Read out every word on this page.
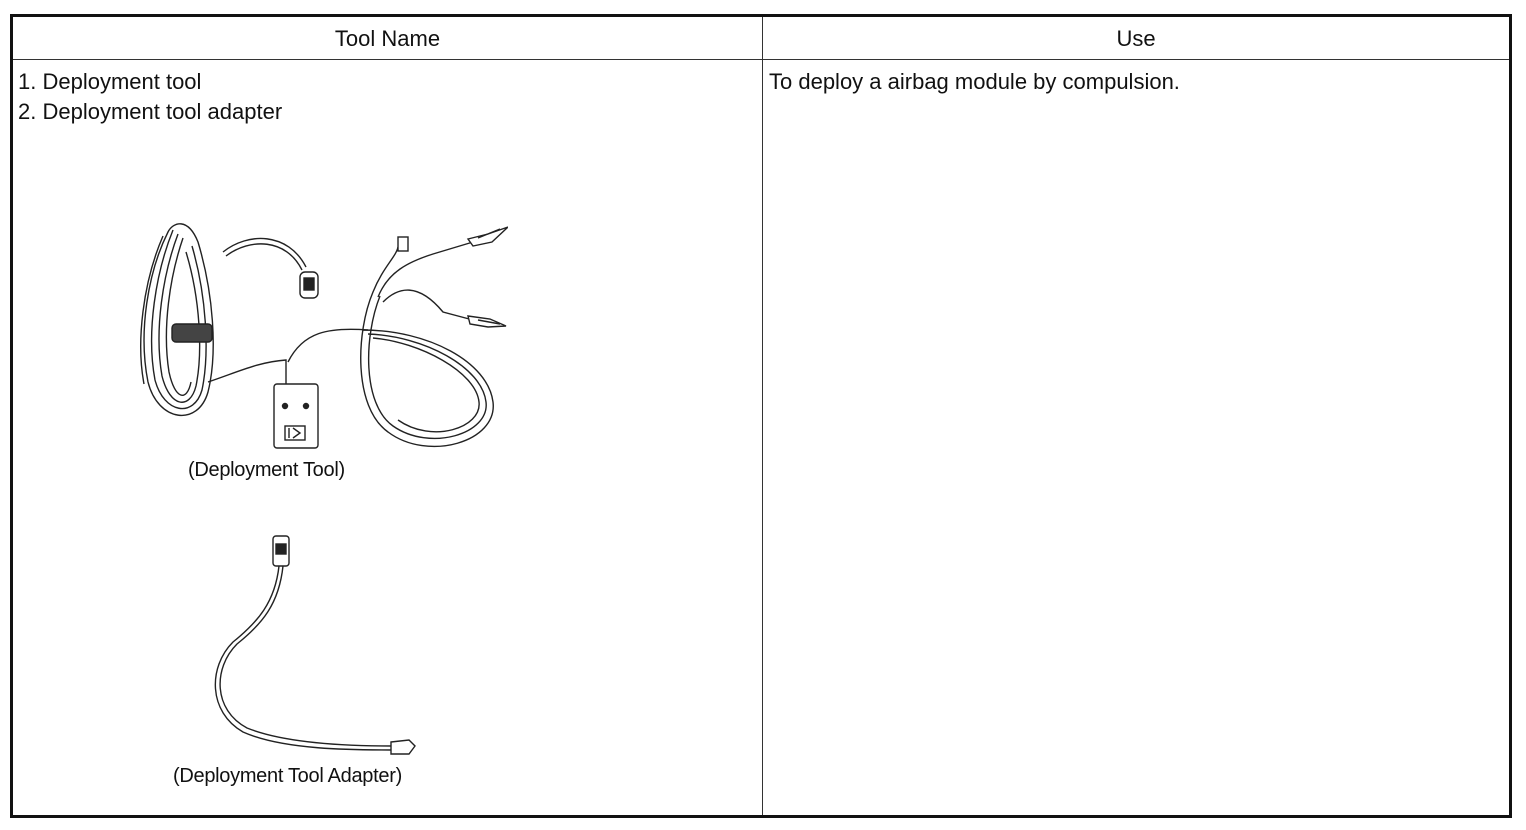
Tool Name	Use
1. Deployment tool
2. Deployment tool adapter
To deploy a airbag module by compulsion.
(Deployment Tool)
(Deployment Tool Adapter)
